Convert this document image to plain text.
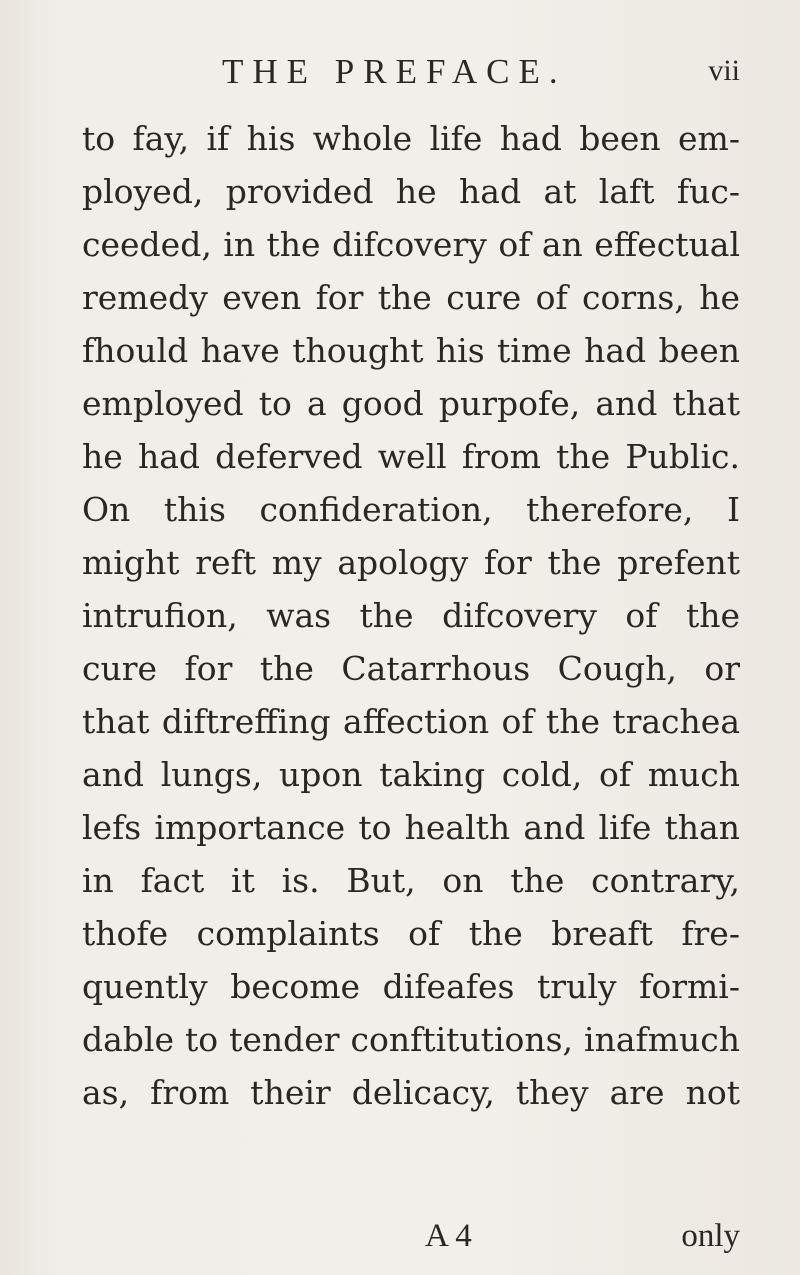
THE PREFACE.	vii
to fay, if his whole life had been em-
ployed, provided he had at laft fuc-
ceeded, in the difcovery of an effectual
remedy even for the cure of corns, he
fhould have thought his time had been
employed to a good purpofe, and that
he had deferved well from the Public.
On this confideration, therefore, I
might reft my apology for the prefent
intrufion, was the difcovery of the
cure for the Catarrhous Cough, or
that diftreffing affection of the trachea
and lungs, upon taking cold, of much
lefs importance to health and life than
in fact it is. But, on the contrary,
thofe complaints of the breaft fre-
quently become difeafes truly formi-
dable to tender conftitutions, inafmuch
as, from their delicacy, they are not
A 4	only
